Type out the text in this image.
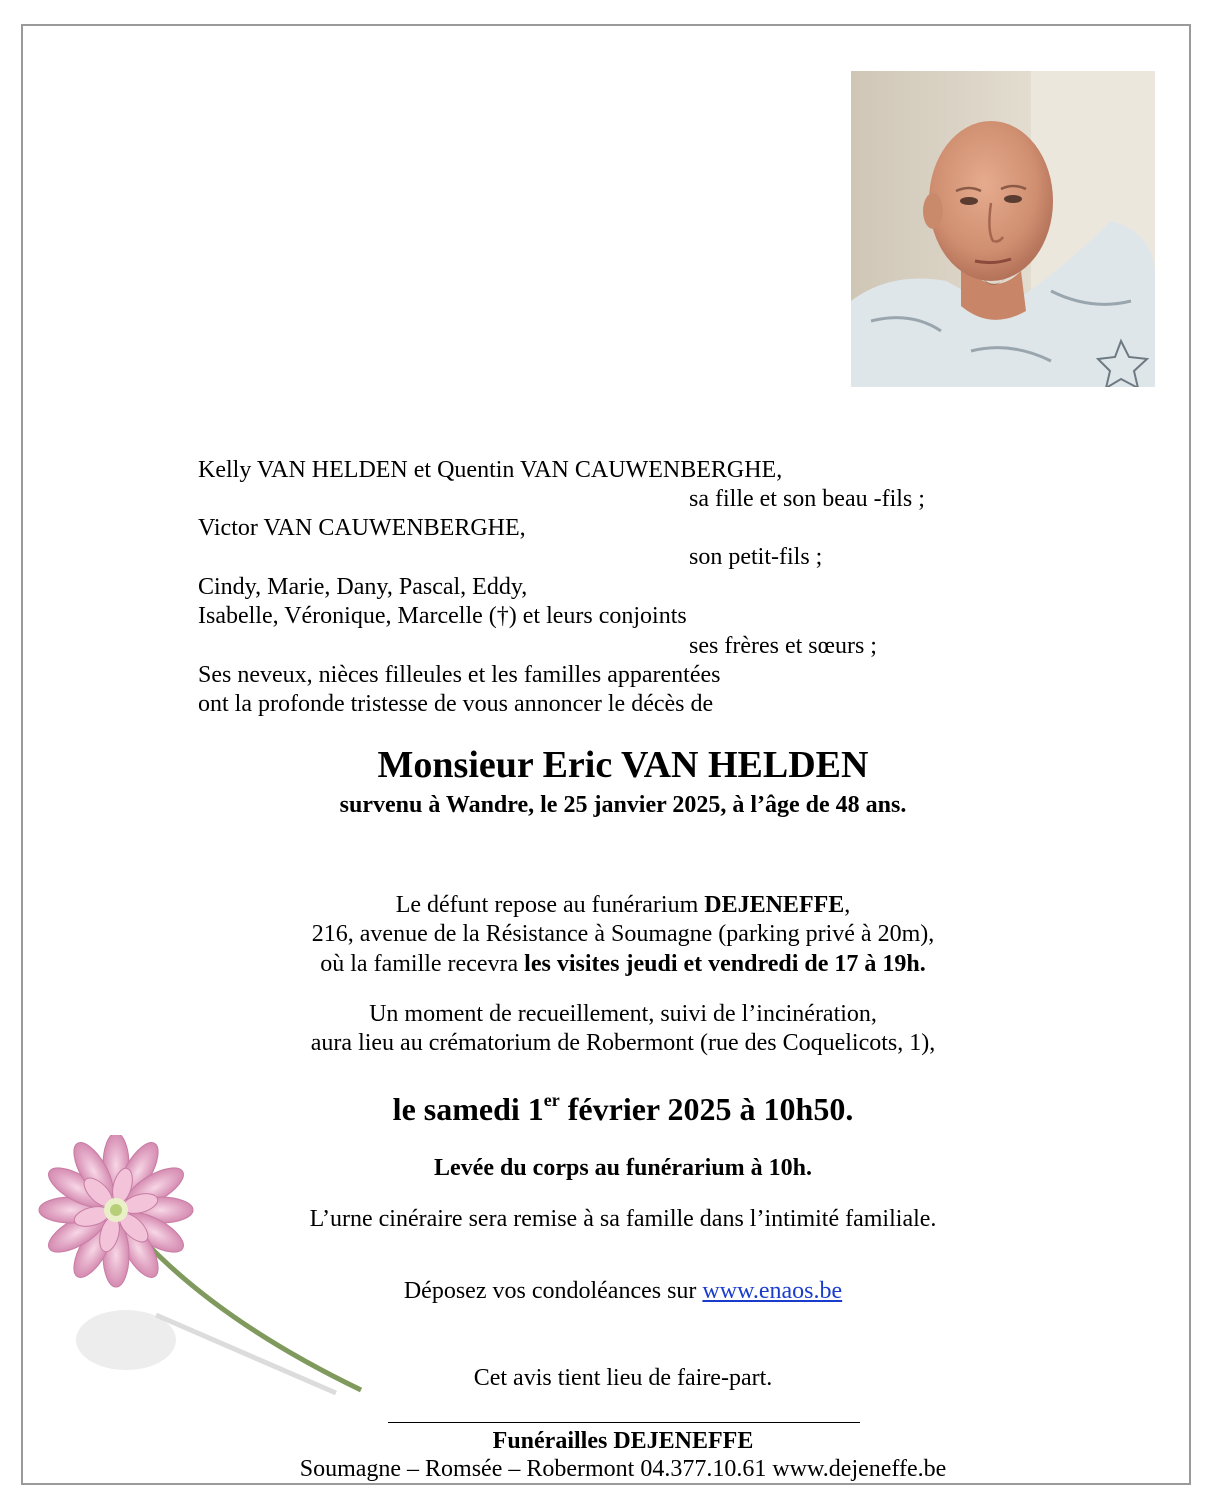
Kelly VAN HELDEN et Quentin VAN CAUWENBERGHE,
sa fille et son beau -fils ;
Victor VAN CAUWENBERGHE,
son petit-fils ;
Cindy, Marie, Dany, Pascal, Eddy,
Isabelle, Véronique, Marcelle (†) et leurs conjoints
ses frères et sœurs ;
Ses neveux, nièces filleules et les familles apparentées
ont la profonde tristesse de vous annoncer le décès de
Monsieur Eric VAN HELDEN
survenu à Wandre, le 25 janvier 2025, à l’âge de 48 ans.
Le défunt repose au funérarium DEJENEFFE,
216, avenue de la Résistance à Soumagne (parking privé à 20m),
où la famille recevra les visites jeudi et vendredi de 17 à 19h.
Un moment de recueillement, suivi de l’incinération,
aura lieu au crématorium de Robermont (rue des Coquelicots, 1),
le samedi 1er février 2025 à 10h50.
Levée du corps au funérarium à 10h.
L’urne cinéraire sera remise à sa famille dans l’intimité familiale.
Déposez vos condoléances sur www.enaos.be
Cet avis tient lieu de faire-part.
Funérailles DEJENEFFE
Soumagne – Romsée – Robermont 04.377.10.61 www.dejeneffe.be
